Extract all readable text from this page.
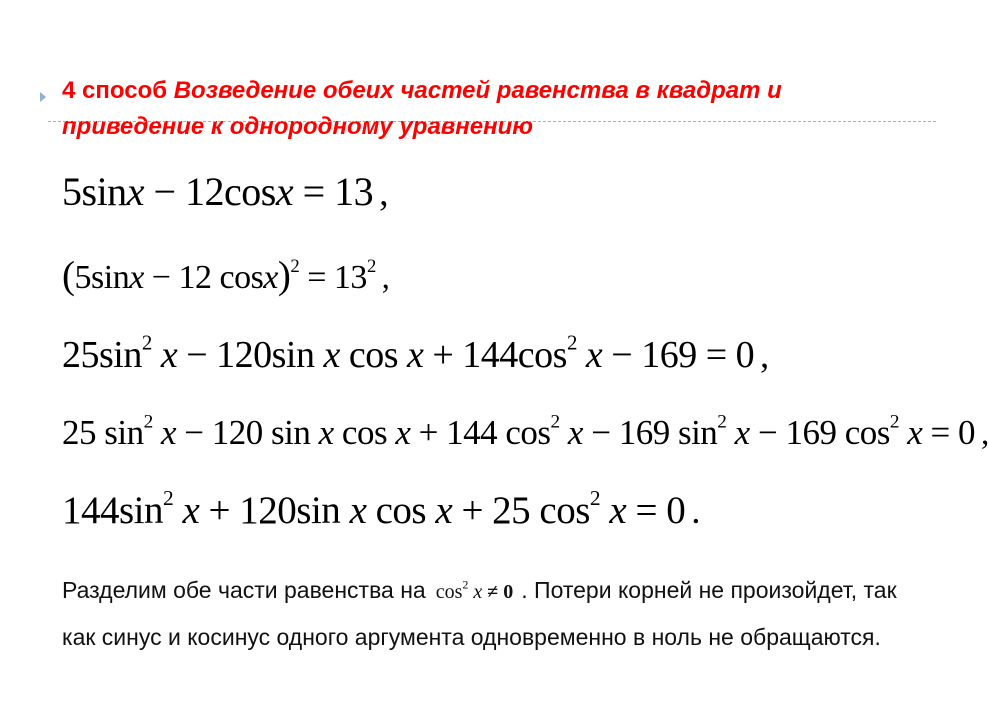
4 способ Возведение обеих частей равенства в квадрат и приведение к однородному уравнению
5sinx − 12cosx = 13 ,
(5sinx − 12 $\cos x)^2 = 13^2$ ,
$25\sin^2$ x − 120sin x $\cos x + 144\cos^2$ x − 169 = 0 ,
25 $\sin^2 x - 120$ sin x cos x + 144 $\cos^2 x - 169$ $\sin^2 x - 169$ $\cos^2 x = 0$ ,
$144\sin^2$ x + 120sin x cos x + 25 $\cos^2 x = 0$ .
Разделим обе части равенства на $\cos^2 x \ne 0$ . Потери корней не произойдет, так как синус и косинус одного аргумента одновременно в ноль не обращаются.
